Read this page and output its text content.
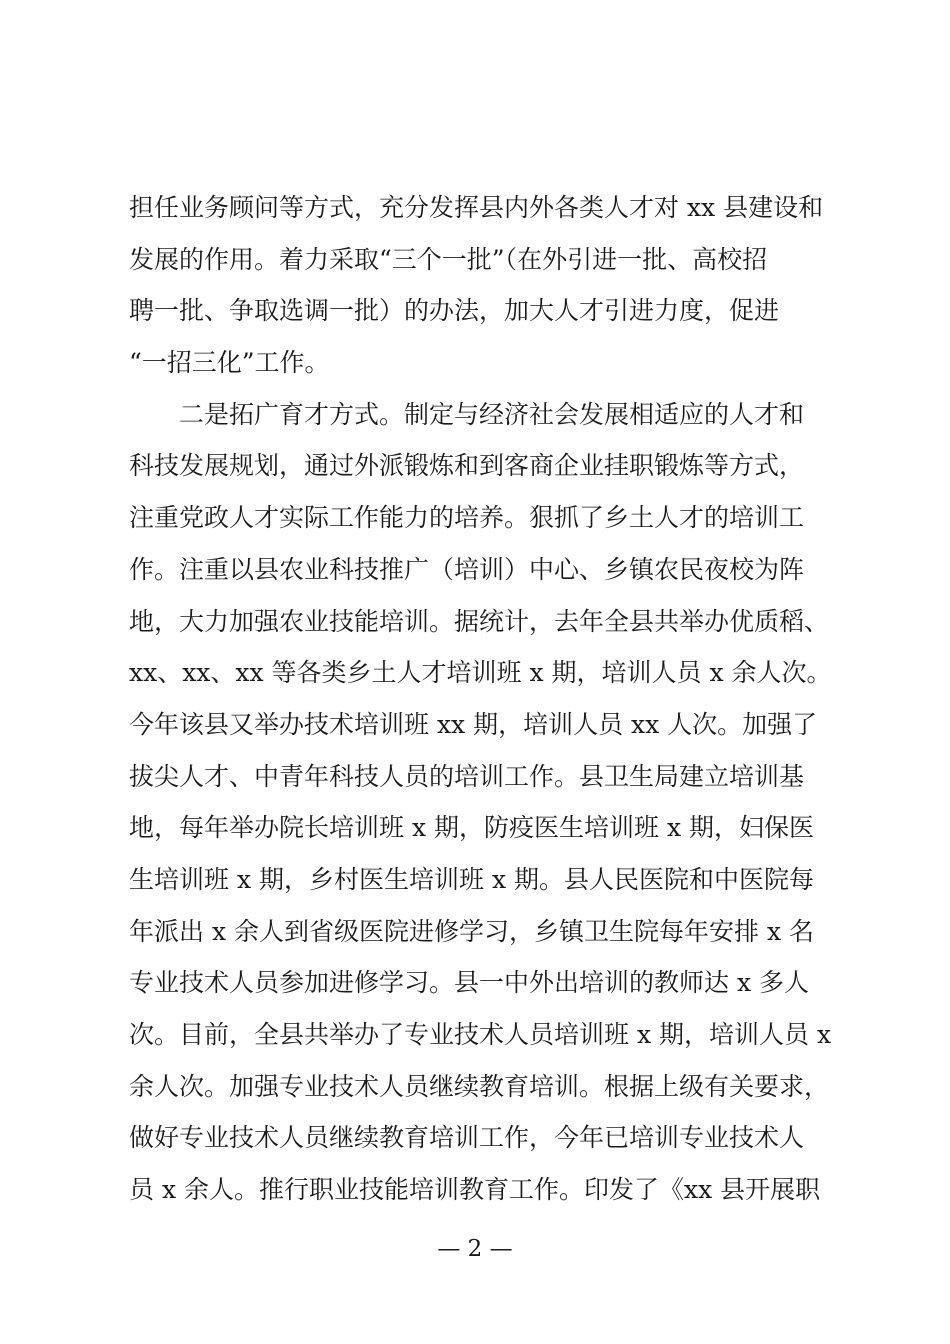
担任业务顾问等方式，充分发挥县内外各类人才对 xx 县建设和
发展的作用。着力采取“三个一批”（在外引进一批、高校招
聘一批、争取选调一批）的办法，加大人才引进力度，促进
“一招三化”工作。
二是拓广育才方式。制定与经济社会发展相适应的人才和
科技发展规划，通过外派锻炼和到客商企业挂职锻炼等方式，
注重党政人才实际工作能力的培养。狠抓了乡土人才的培训工
作。注重以县农业科技推广（培训）中心、乡镇农民夜校为阵
地，大力加强农业技能培训。据统计，去年全县共举办优质稻、
xx、xx、xx 等各类乡土人才培训班 x 期，培训人员 x 余人次。
今年该县又举办技术培训班 xx 期，培训人员 xx 人次。加强了
拔尖人才、中青年科技人员的培训工作。县卫生局建立培训基
地，每年举办院长培训班 x 期，防疫医生培训班 x 期，妇保医
生培训班 x 期，乡村医生培训班 x 期。县人民医院和中医院每
年派出 x 余人到省级医院进修学习，乡镇卫生院每年安排 x 名
专业技术人员参加进修学习。县一中外出培训的教师达 x 多人
次。目前，全县共举办了专业技术人员培训班 x 期，培训人员 x
余人次。加强专业技术人员继续教育培训。根据上级有关要求，
做好专业技术人员继续教育培训工作，今年已培训专业技术人
员 x 余人。推行职业技能培训教育工作。印发了《xx 县开展职
— 2 —
